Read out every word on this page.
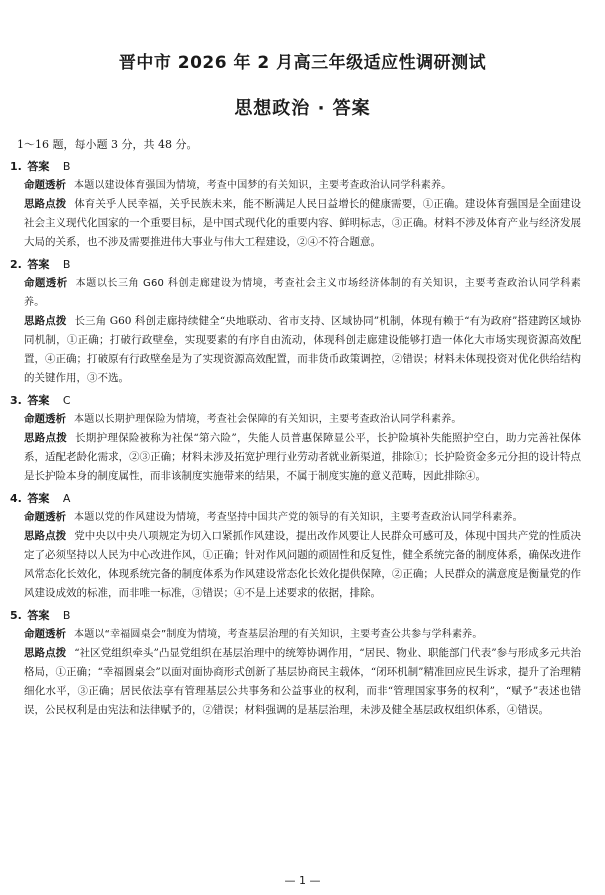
晋中市 2026 年 2 月高三年级适应性调研测试
思想政治 · 答案
1～16 题，每小题 3 分，共 48 分。
1. 答案 B
命题透析 本题以建设体育强国为情境，考查中国梦的有关知识，主要考查政治认同学科素养。
思路点拨 体育关乎人民幸福，关乎民族未来，能不断满足人民日益增长的健康需要，①正确。建设体育强国是全面建设社会主义现代化国家的一个重要目标，是中国式现代化的重要内容、鲜明标志，③正确。材料不涉及体育产业与经济发展大局的关系，也不涉及需要推进伟大事业与伟大工程建设，②④不符合题意。
2. 答案 B
命题透析 本题以长三角 G60 科创走廊建设为情境，考查社会主义市场经济体制的有关知识，主要考查政治认同学科素养。
思路点拨 长三角 G60 科创走廊持续健全“央地联动、省市支持、区域协同”机制，体现有赖于“有为政府”搭建跨区域协同机制，①正确；打破行政壁垒，实现要素的有序自由流动，体现科创走廊建设能够打造一体化大市场实现资源高效配置，④正确；打破原有行政壁垒是为了实现资源高效配置，而非货币政策调控，②错误；材料未体现投资对优化供给结构的关键作用，③不选。
3. 答案 C
命题透析 本题以长期护理保险为情境，考查社会保障的有关知识，主要考查政治认同学科素养。
思路点拨 长期护理保险被称为社保“第六险”，失能人员普惠保障显公平，长护险填补失能照护空白，助力完善社保体系，适配老龄化需求，②③正确；材料未涉及拓宽护理行业劳动者就业新渠道，排除①；长护险资金多元分担的设计特点是长护险本身的制度属性，而非该制度实施带来的结果，不属于制度实施的意义范畴，因此排除④。
4. 答案 A
命题透析 本题以党的作风建设为情境，考查坚持中国共产党的领导的有关知识，主要考查政治认同学科素养。
思路点拨 党中央以中央八项规定为切入口紧抓作风建设，提出改作风要让人民群众可感可及，体现中国共产党的性质决定了必须坚持以人民为中心改进作风，①正确；针对作风问题的顽固性和反复性，健全系统完备的制度体系，确保改进作风常态化长效化，体现系统完备的制度体系为作风建设常态化长效化提供保障，②正确；人民群众的满意度是衡量党的作风建设成效的标准，而非唯一标准，③错误；④不是上述要求的依据，排除。
5. 答案 B
命题透析 本题以“幸福圆桌会”制度为情境，考查基层治理的有关知识，主要考查公共参与学科素养。
思路点拨 “社区党组织牵头”凸显党组织在基层治理中的统筹协调作用，“居民、物业、职能部门代表”参与形成多元共治格局，①正确；“幸福圆桌会”以面对面协商形式创新了基层协商民主载体，“闭环机制”精准回应民生诉求，提升了治理精细化水平，③正确；居民依法享有管理基层公共事务和公益事业的权利，而非“管理国家事务的权利”，“赋予”表述也错误，公民权利是由宪法和法律赋予的，②错误；材料强调的是基层治理，未涉及健全基层政权组织体系，④错误。
— 1 —
